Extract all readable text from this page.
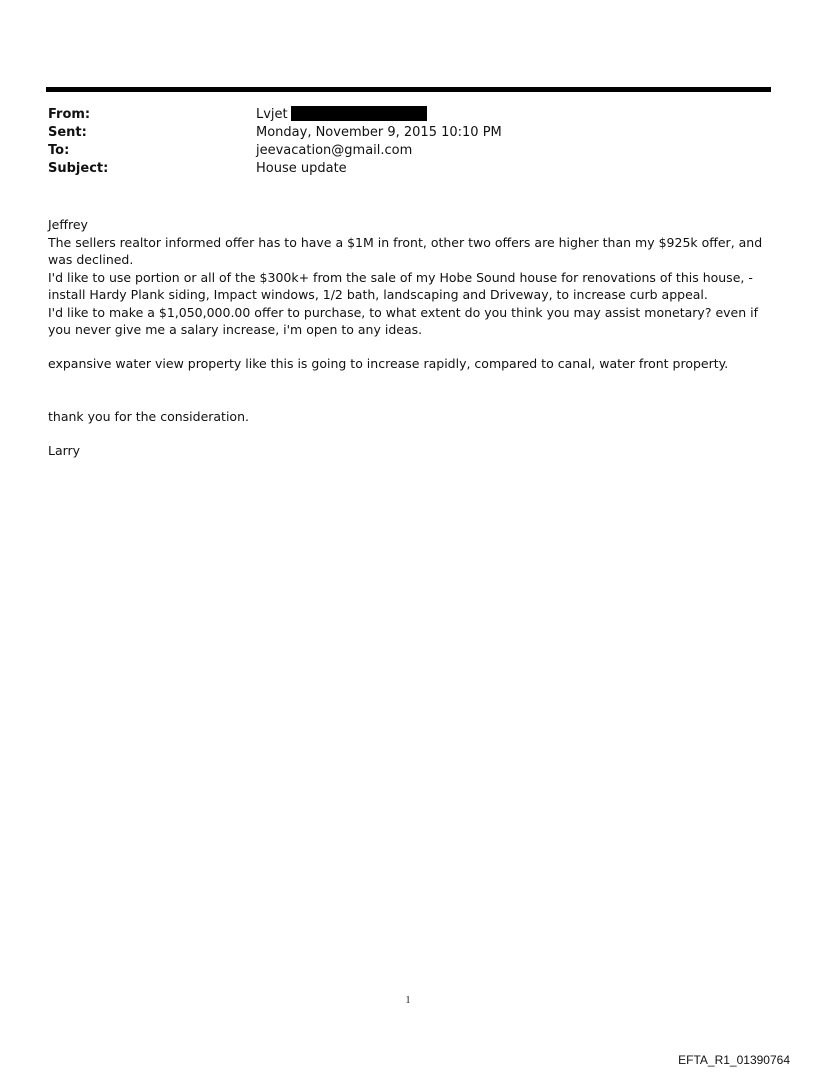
From:	Lvjet
Sent:	Monday, November 9, 2015 10:10 PM
To:	jeevacation@gmail.com
Subject:	House update

Jeffrey

The sellers realtor informed offer has to have a $1M in front, other two offers are higher than my $925k offer, and was declined.

I'd like to use portion or all of the $300k+ from the sale of my Hobe Sound house for renovations of this house, -install Hardy Plank siding, Impact windows, 1/2 bath, landscaping and Driveway, to increase curb appeal.

I'd like to make a $1,050,000.00 offer to purchase, to what extent do you think you may assist monetary? even if you never give me a salary increase, i'm open to any ideas.

expansive water view property like this is going to increase rapidly, compared to canal, water front property.

thank you for the consideration.

Larry

1
EFTA_R1_01390764
